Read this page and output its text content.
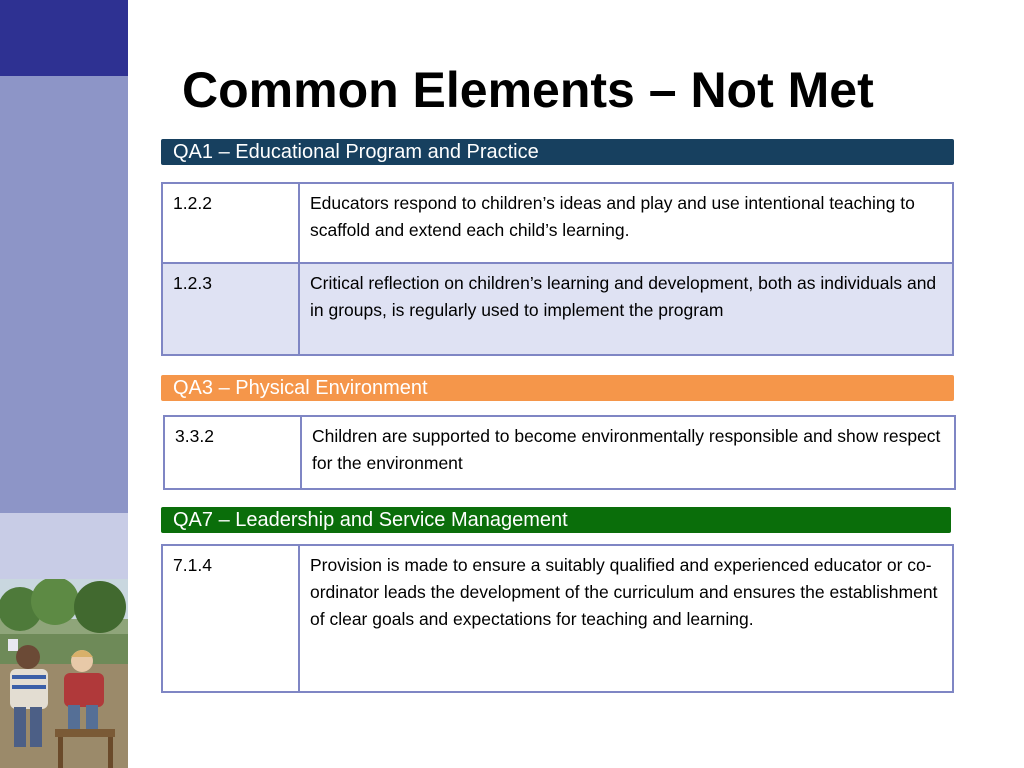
Common Elements – Not Met
QA1 – Educational Program and Practice
1.2.2	Educators respond to children’s ideas and play and use intentional teaching to scaffold and extend each child’s learning.
1.2.3	Critical reflection on children’s learning and development, both as individuals and in groups, is regularly used to implement the program
QA3 – Physical Environment
3.3.2	Children are supported to become environmentally responsible and show respect for the environment
QA7 – Leadership and Service Management
7.1.4	Provision is made to ensure a suitably qualified and experienced educator or co-ordinator leads the development of the curriculum and ensures the establishment of clear goals and expectations for teaching and learning.
